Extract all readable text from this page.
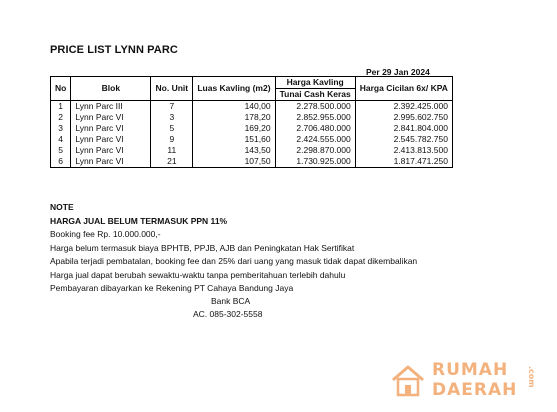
PRICE LIST LYNN PARC
Per 29 Jan 2024
No	Blok	No. Unit	Luas Kavling (m2)	Harga Kavling	Harga Cicilan 6x/ KPA
				Tunai Cash Keras	
1	Lynn Parc III	7	140,00	2.278.500.000	2.392.425.000
2	Lynn Parc VI	3	178,20	2.852.955.000	2.995.602.750
3	Lynn Parc VI	5	169,20	2.706.480.000	2.841.804.000
4	Lynn Parc VI	9	151,60	2.424.555.000	2.545.782.750
5	Lynn Parc VI	11	143,50	2.298.870.000	2.413.813.500
6	Lynn Parc VI	21	107,50	1.730.925.000	1.817.471.250
NOTE
HARGA JUAL BELUM TERMASUK PPN 11%
Booking fee Rp. 10.000.000,-
Harga belum termasuk biaya BPHTB, PPJB, AJB dan Peningkatan Hak Sertifikat
Apabila terjadi pembatalan, booking fee dan 25% dari uang yang masuk tidak dapat dikembalikan
Harga jual dapat berubah sewaktu-waktu tanpa pemberitahuan terlebih dahulu
Pembayaran dibayarkan ke Rekening PT Cahaya Bandung Jaya
Bank BCA
AC. 085-302-5558
RUMAH
DAERAH
.com
